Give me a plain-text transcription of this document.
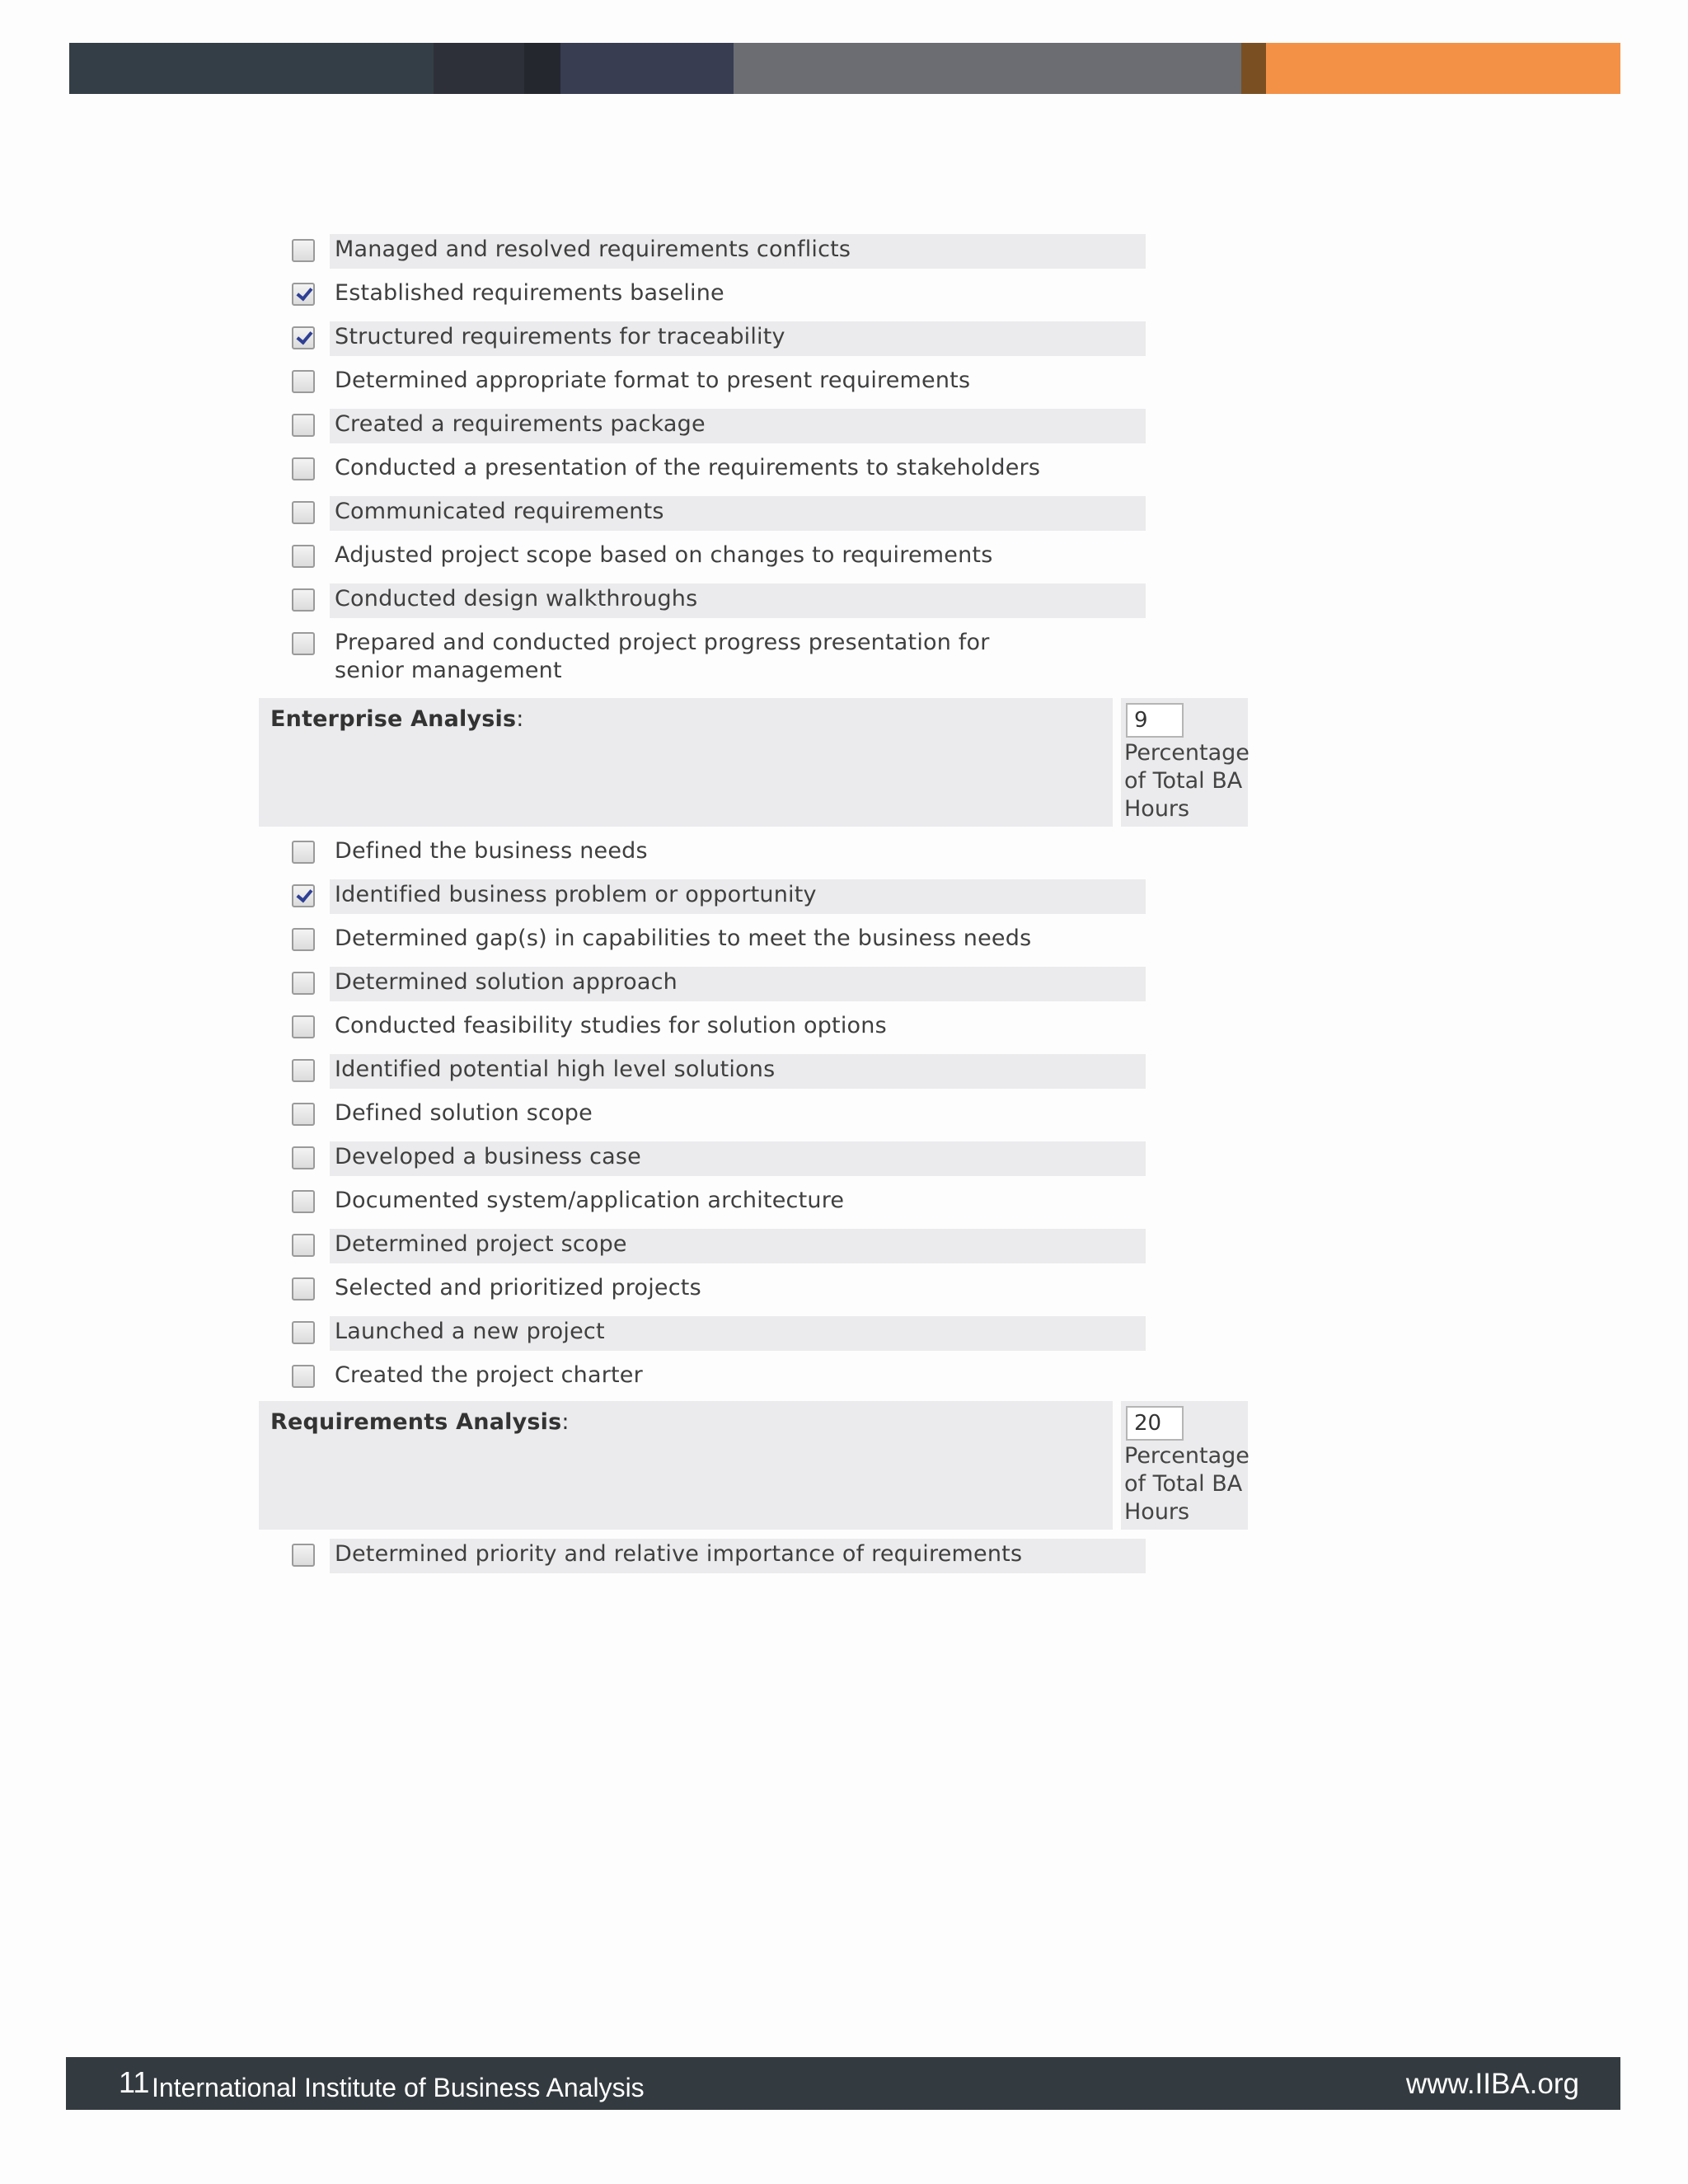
Managed and resolved requirements conflicts
Established requirements baseline
Structured requirements for traceability
Determined appropriate format to present requirements
Created a requirements package
Conducted a presentation of the requirements to stakeholders
Communicated requirements
Adjusted project scope based on changes to requirements
Conducted design walkthroughs
Prepared and conducted project progress presentation for senior management
Enterprise Analysis:
9
Percentage of Total BA Hours
Defined the business needs
Identified business problem or opportunity
Determined gap(s) in capabilities to meet the business needs
Determined solution approach
Conducted feasibility studies for solution options
Identified potential high level solutions
Defined solution scope
Developed a business case
Documented system/application architecture
Determined project scope
Selected and prioritized projects
Launched a new project
Created the project charter
Requirements Analysis:
20
Percentage of Total BA Hours
Determined priority and relative importance of requirements
11 International Institute of Business Analysis	www.IIBA.org
